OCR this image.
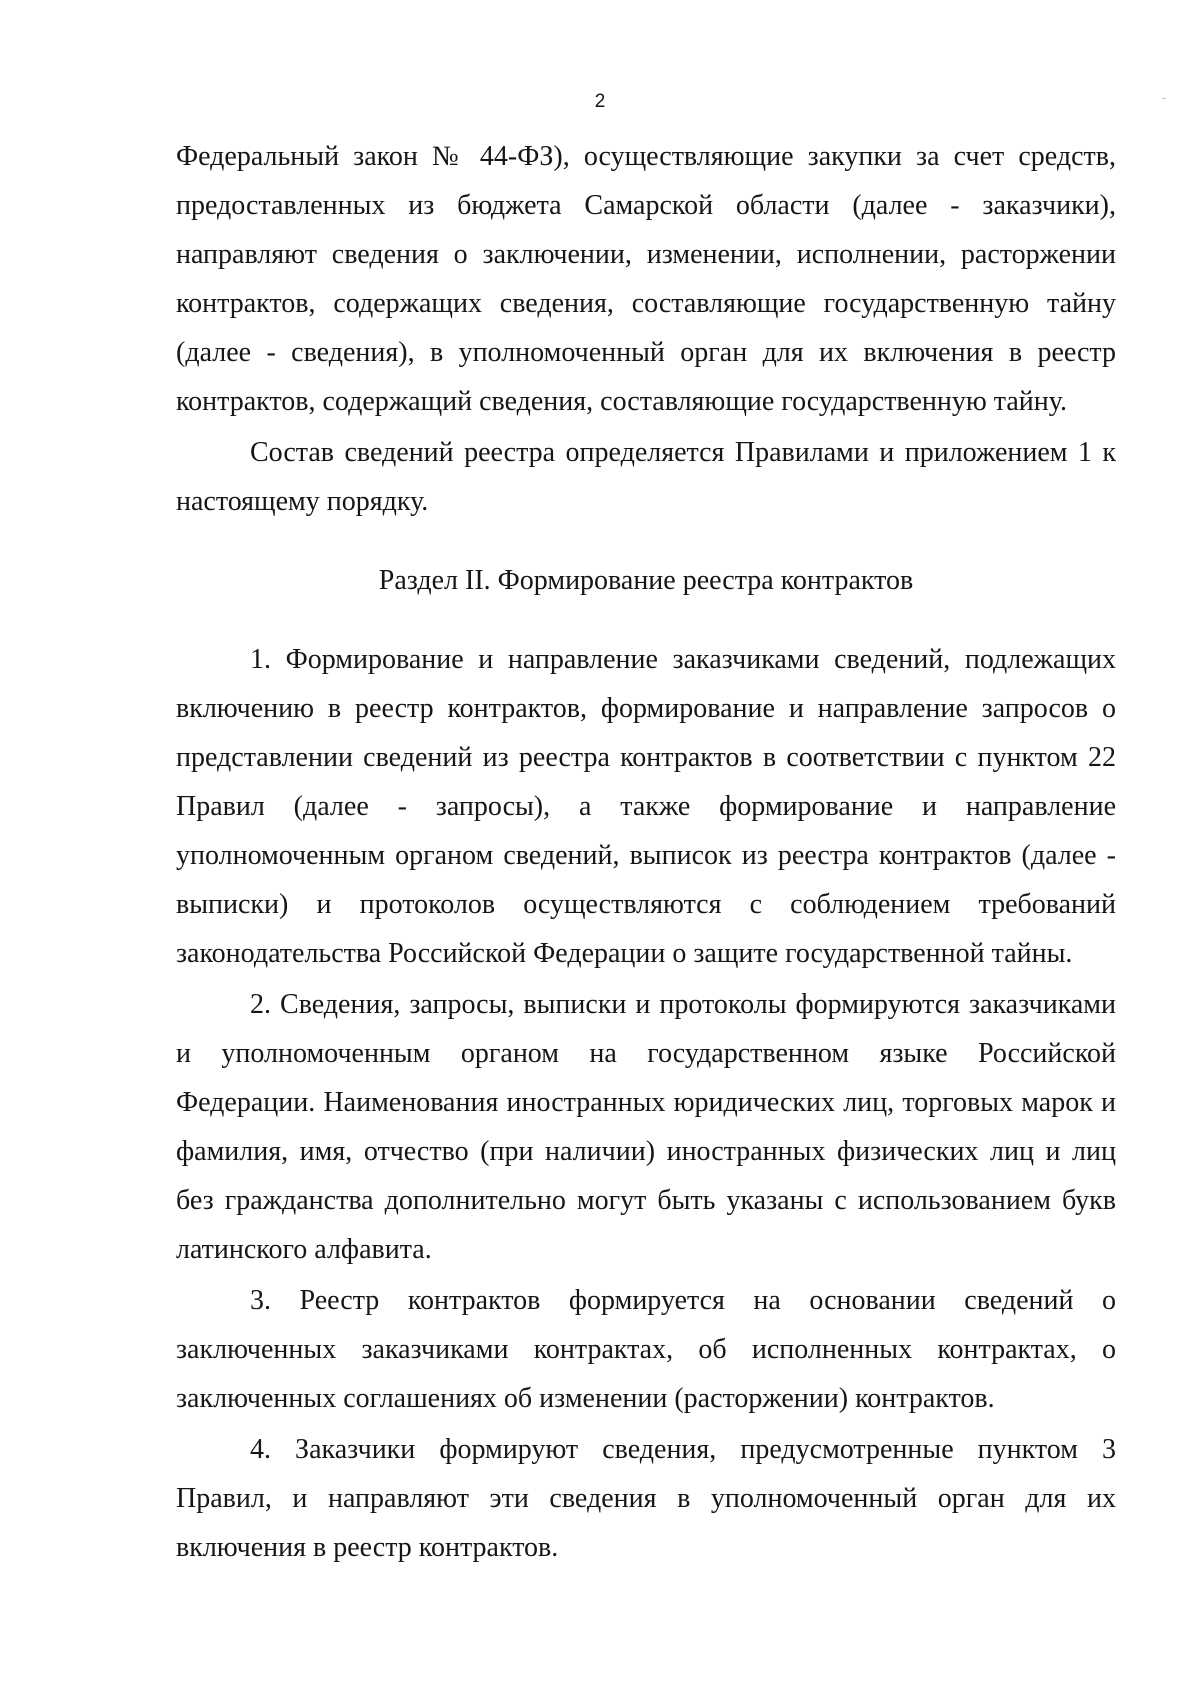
2

Федеральный закон № 44-ФЗ), осуществляющие закупки за счет средств, предоставленных из бюджета Самарской области (далее - заказчики), направляют сведения о заключении, изменении, исполнении, расторжении контрактов, содержащих сведения, составляющие государственную тайну (далее - сведения), в уполномоченный орган для их включения в реестр контрактов, содержащий сведения, составляющие государственную тайну.

Состав сведений реестра определяется Правилами и приложением 1 к настоящему порядку.

Раздел II. Формирование реестра контрактов

1. Формирование и направление заказчиками сведений, подлежащих включению в реестр контрактов, формирование и направление запросов о представлении сведений из реестра контрактов в соответствии с пунктом 22 Правил (далее - запросы), а также формирование и направление уполномоченным органом сведений, выписок из реестра контрактов (далее - выписки) и протоколов осуществляются с соблюдением требований законодательства Российской Федерации о защите государственной тайны.

2. Сведения, запросы, выписки и протоколы формируются заказчиками и уполномоченным органом на государственном языке Российской Федерации. Наименования иностранных юридических лиц, торговых марок и фамилия, имя, отчество (при наличии) иностранных физических лиц и лиц без гражданства дополнительно могут быть указаны с использованием букв латинского алфавита.

3. Реестр контрактов формируется на основании сведений о заключенных заказчиками контрактах, об исполненных контрактах, о заключенных соглашениях об изменении (расторжении) контрактов.

4. Заказчики формируют сведения, предусмотренные пунктом 3 Правил, и направляют эти сведения в уполномоченный орган для их включения в реестр контрактов.
